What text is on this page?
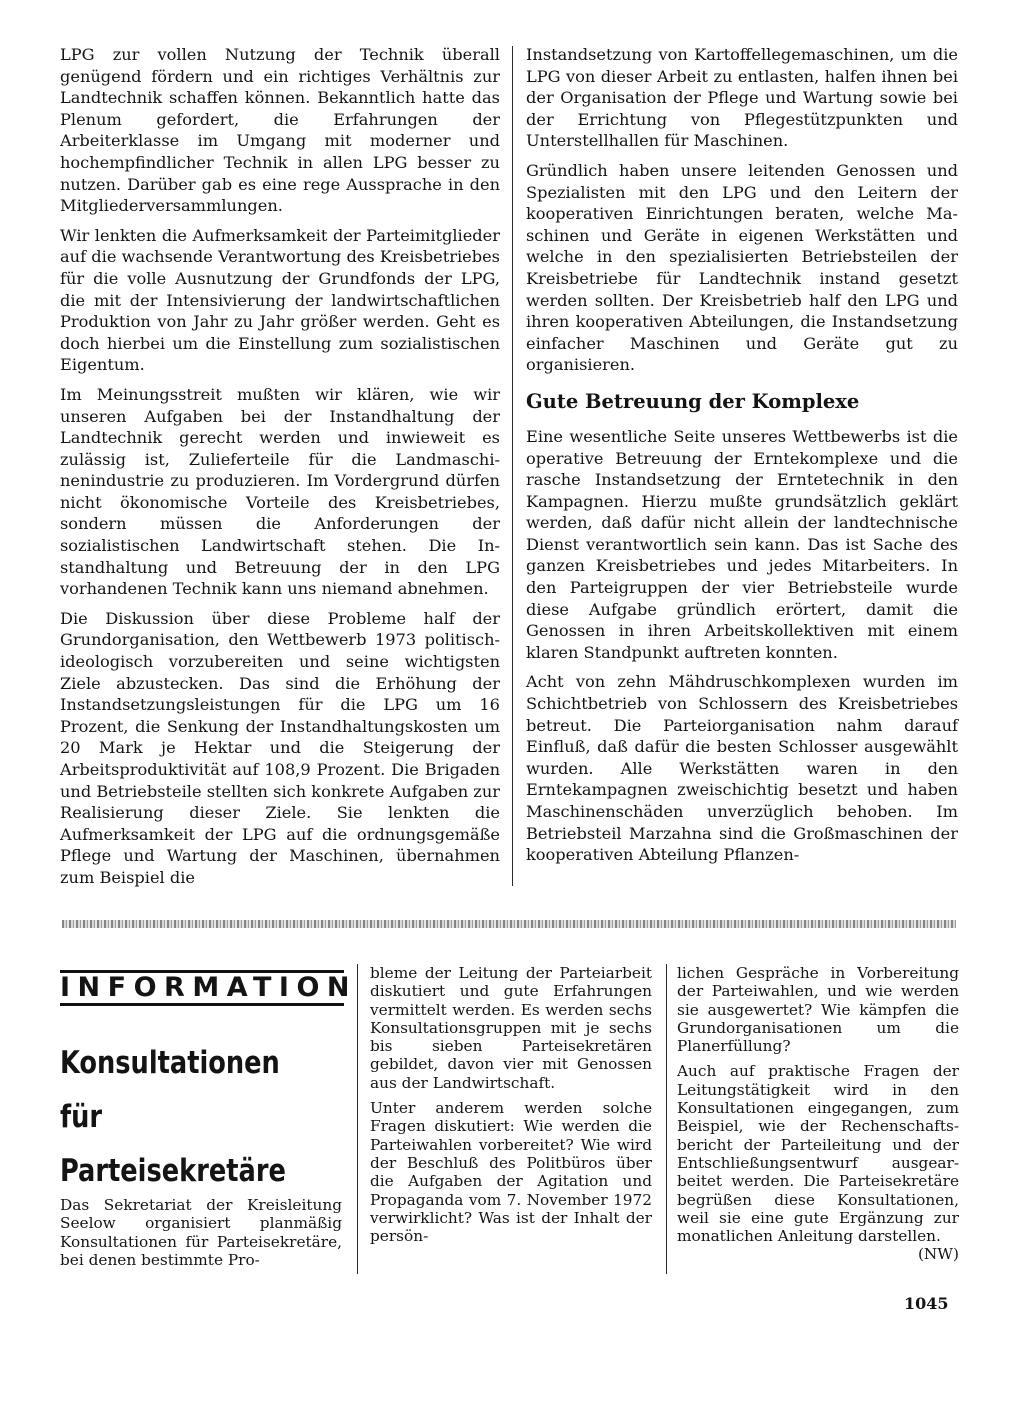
LPG zur vollen Nutzung der Technik überall genügend fördern und ein richtiges Verhältnis zur Landtechnik schaffen können. Bekanntlich hatte das Plenum gefordert, die Erfahrungen der Arbeiterklasse im Umgang mit moderner und hochempfindlicher Technik in allen LPG besser zu nutzen. Darüber gab es eine rege Aussprache in den Mitgliederversammlungen.

Wir lenkten die Aufmerksamkeit der Parteimitglieder auf die wachsende Verantwortung des Kreisbetriebes für die volle Ausnutzung der Grundfonds der LPG, die mit der Intensivierung der landwirtschaftlichen Produktion von Jahr zu Jahr größer werden. Geht es doch hierbei um die Einstellung zum sozialistischen Eigentum.

Im Meinungsstreit mußten wir klären, wie wir unseren Aufgaben bei der Instandhaltung der Landtechnik gerecht werden und inwieweit es zulässig ist, Zulieferteile für die Landmaschinenindustrie zu produzieren. Im Vordergrund dürfen nicht ökonomische Vorteile des Kreisbetriebes, sondern müssen die Anforderungen der sozialistischen Landwirtschaft stehen. Die Instandhaltung und Betreuung der in den LPG vorhandenen Technik kann uns niemand abnehmen.

Die Diskussion über diese Probleme half der Grundorganisation, den Wettbewerb 1973 politisch-ideologisch vorzubereiten und seine wichtigsten Ziele abzustecken. Das sind die Erhöhung der Instandsetzungsleistungen für die LPG um 16 Prozent, die Senkung der Instandhaltungskosten um 20 Mark je Hektar und die Steigerung der Arbeitsproduktivität auf 108,9 Prozent. Die Brigaden und Betriebsteile stellten sich konkrete Aufgaben zur Realisierung dieser Ziele. Sie lenkten die Aufmerksamkeit der LPG auf die ordnungsgemäße Pflege und Wartung der Maschinen, übernahmen zum Beispiel die

Instandsetzung von Kartoffellegemaschinen, um die LPG von dieser Arbeit zu entlasten, halfen ihnen bei der Organisation der Pflege und Wartung sowie bei der Errichtung von Pflegestützpunkten und Unterstellhallen für Maschinen.

Gründlich haben unsere leitenden Genossen und Spezialisten mit den LPG und den Leitern der kooperativen Einrichtungen beraten, welche Maschinen und Geräte in eigenen Werkstätten und welche in den spezialisierten Betriebsteilen der Kreisbetriebe für Landtechnik instand gesetzt werden sollten. Der Kreisbetrieb half den LPG und ihren kooperativen Abteilungen, die Instandsetzung einfacher Maschinen und Geräte gut zu organisieren.

Gute Betreuung der Komplexe

Eine wesentliche Seite unseres Wettbewerbs ist die operative Betreuung der Erntekomplexe und die rasche Instandsetzung der Erntetechnik in den Kampagnen. Hierzu mußte grundsätzlich geklärt werden, daß dafür nicht allein der landtechnische Dienst verantwortlich sein kann. Das ist Sache des ganzen Kreisbetriebes und jedes Mitarbeiters. In den Parteigruppen der vier Betriebsteile wurde diese Aufgabe gründlich erörtert, damit die Genossen in ihren Arbeitskollektiven mit einem klaren Standpunkt auftreten konnten.

Acht von zehn Mähdruschkomplexen wurden im Schichtbetrieb von Schlossern des Kreisbetriebes betreut. Die Parteiorganisation nahm darauf Einfluß, daß dafür die besten Schlosser ausgewählt wurden. Alle Werkstätten waren in den Erntekampagnen zweischichtig besetzt und haben Maschinenschäden unverzüglich behoben. Im Betriebsteil Marzahna sind die Großmaschinen der kooperativen Abteilung Pflanzen-

INFORMATION
Konsultationen
für
Parteisekretäre

Das Sekretariat der Kreisleitung Seelow organisiert planmäßig Konsultationen für Parteisekretäre, bei denen bestimmte Pro-

bleme der Leitung der Parteiarbeit diskutiert und gute Erfahrungen vermittelt werden. Es werden sechs Konsultationsgruppen mit je sechs bis sieben Parteisekretären gebildet, davon vier mit Genossen aus der Landwirtschaft.

Unter anderem werden solche Fragen diskutiert: Wie werden die Parteiwahlen vorbereitet? Wie wird der Beschluß des Politbüros über die Aufgaben der Agitation und Propaganda vom 7. November 1972 verwirklicht? Was ist der Inhalt der persön-

lichen Gespräche in Vorbereitung der Parteiwahlen, und wie werden sie ausgewertet? Wie kämpfen die Grundorganisationen um die Planerfüllung?

Auch auf praktische Fragen der Leitungstätigkeit wird in den Konsultationen eingegangen, zum Beispiel, wie der Rechenschaftsbericht der Parteileitung und der Entschließungsentwurf ausgearbeitet werden. Die Parteisekretäre begrüßen diese Konsultationen, weil sie eine gute Ergänzung zur monatlichen Anleitung darstellen.
(NW)

1045
